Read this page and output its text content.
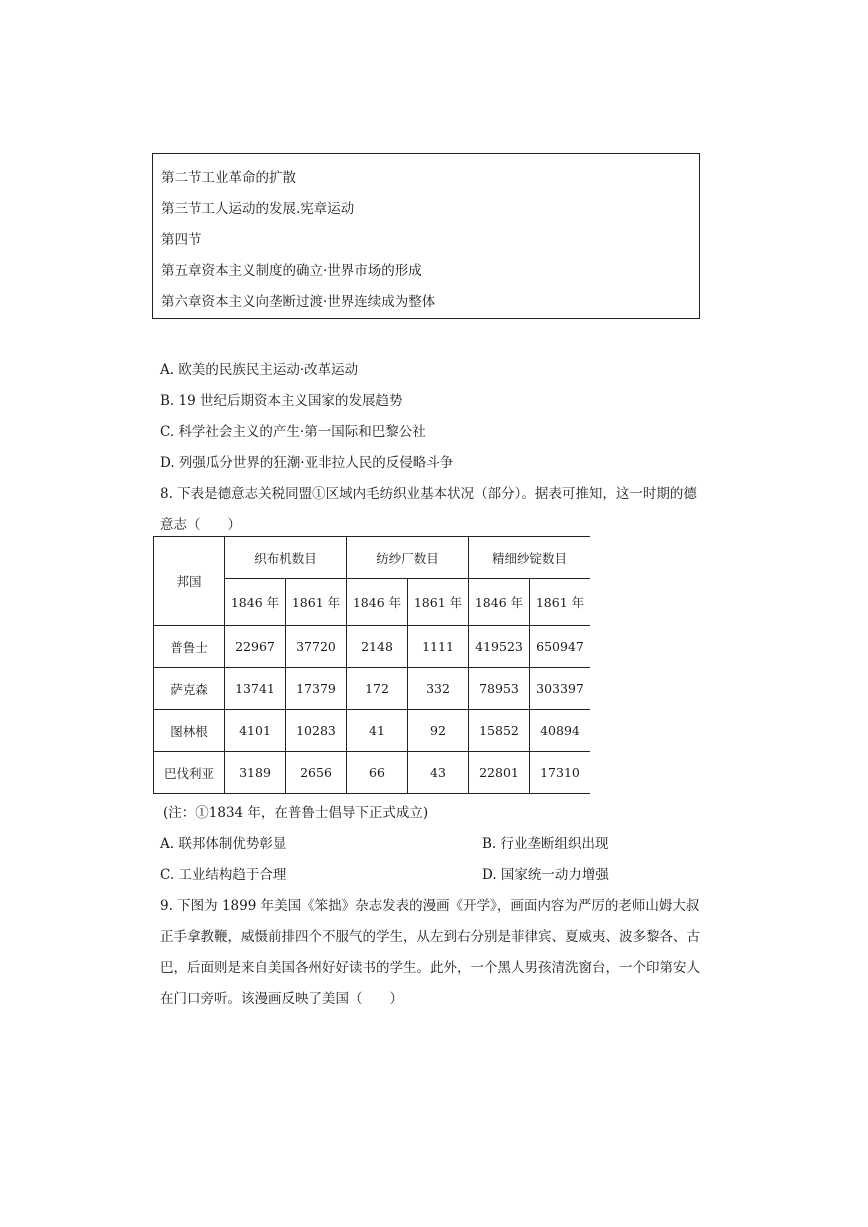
第二节工业革命的扩散
第三节工人运动的发展.宪章运动
第四节
第五章资本主义制度的确立·世界市场的形成
第六章资本主义向垄断过渡·世界连续成为整体
A. 欧美的民族民主运动·改革运动
B. 19 世纪后期资本主义国家的发展趋势
C. 科学社会主义的产生·第一国际和巴黎公社
D. 列强瓜分世界的狂潮·亚非拉人民的反侵略斗争
8. 下表是德意志关税同盟①区域内毛纺织业基本状况（部分）。据表可推知，这一时期的德
意志（　　）
邦国	织布机数目		纺纱厂数目		精细纱锭数目	
	1846 年	1861 年	1846 年	1861 年	1846 年	1861 年
普鲁士	22967	37720	2148	1111	419523	650947
萨克森	13741	17379	172	332	78953	303397
图林根	4101	10283	41	92	15852	40894
巴伐利亚	3189	2656	66	43	22801	17310
(注：①1834 年，在普鲁士倡导下正式成立)
A. 联邦体制优势彰显	B. 行业垄断组织出现
C. 工业结构趋于合理	D. 国家统一动力增强
9. 下图为 1899 年美国《笨拙》杂志发表的漫画《开学》，画面内容为严厉的老师山姆大叔
正手拿教鞭，威慑前排四个不服气的学生，从左到右分别是菲律宾、夏威夷、波多黎各、古
巴，后面则是来自美国各州好好读书的学生。此外，一个黑人男孩清洗窗台，一个印第安人
在门口旁听。该漫画反映了美国（　　）
